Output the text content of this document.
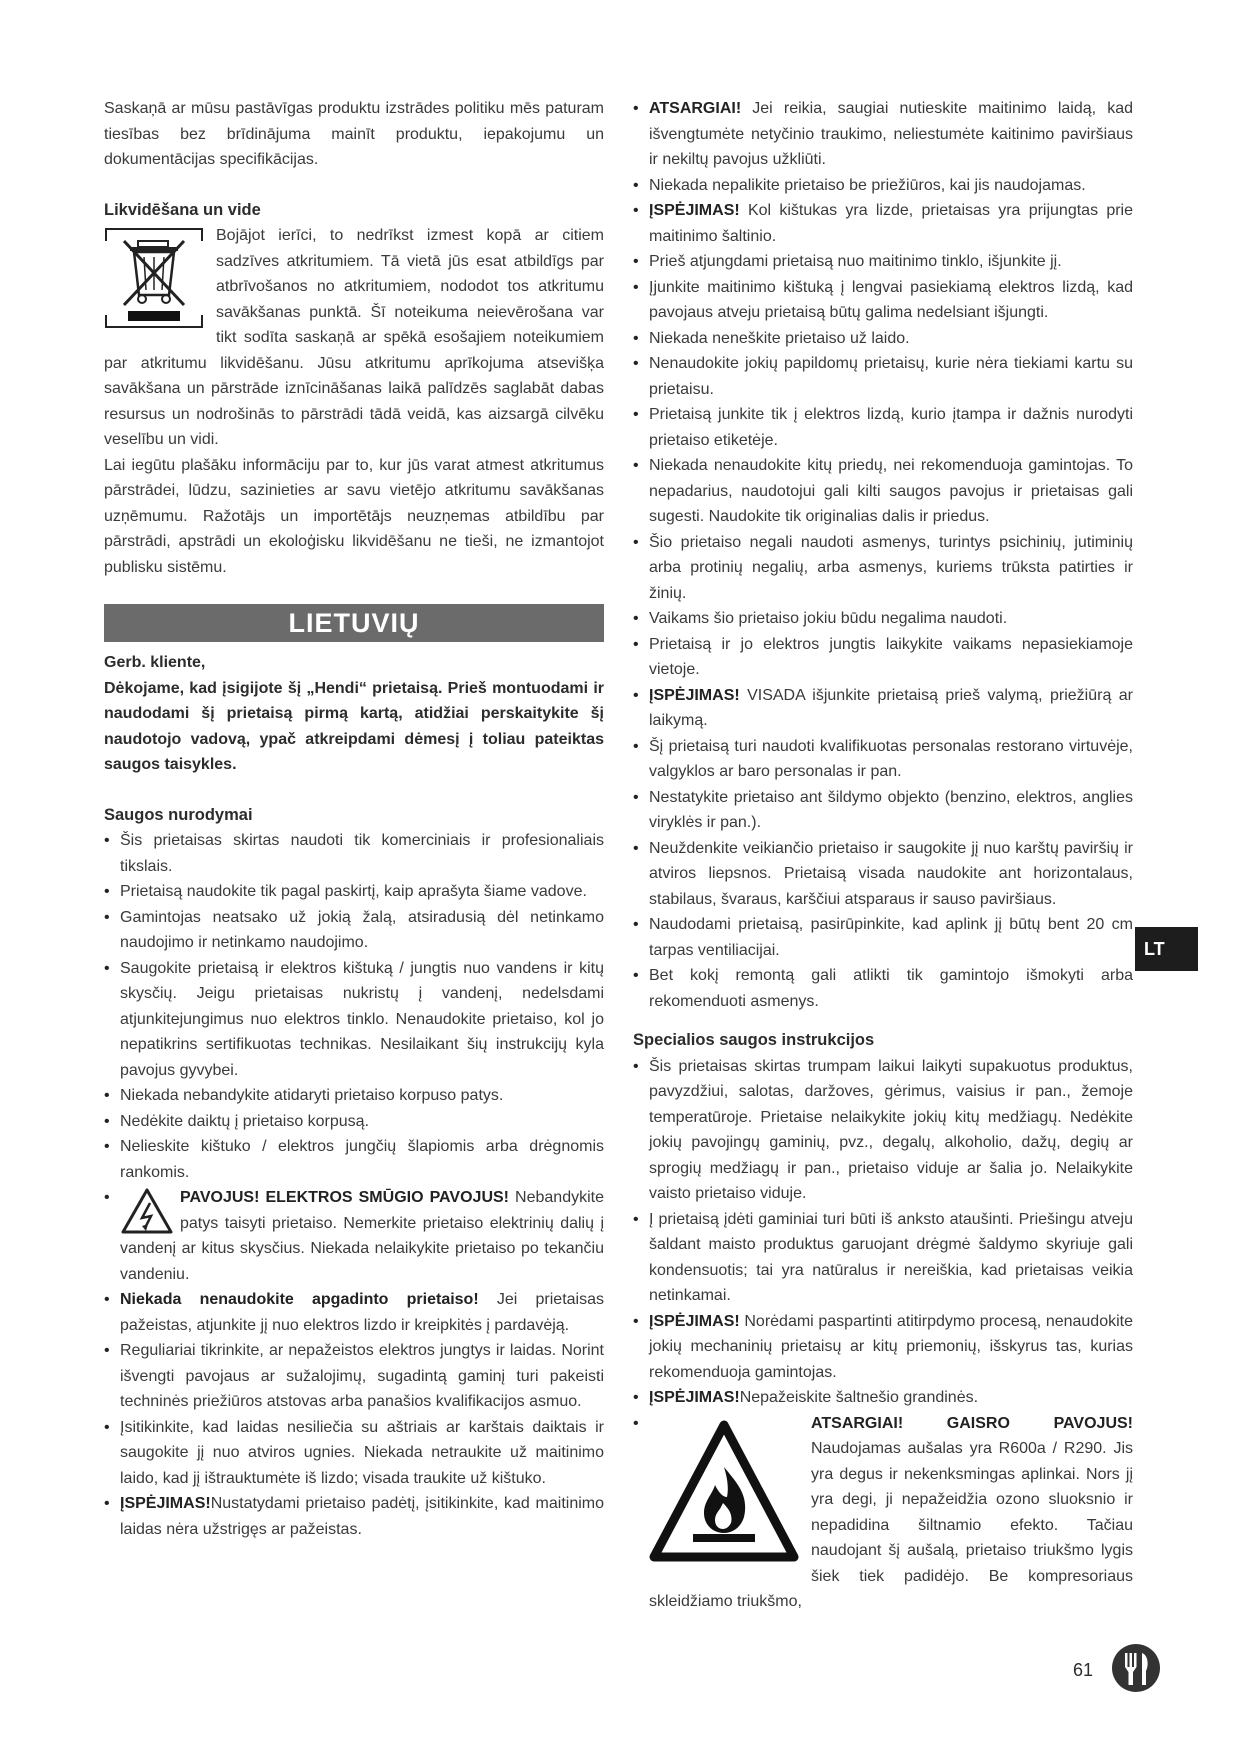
Saskaņā ar mūsu pastāvīgas produktu izstrādes politiku mēs paturam tiesības bez brīdinājuma mainīt produktu, iepakojumu un dokumentācijas specifikācijas.

Likvidēšana un vide

Bojājot ierīci, to nedrīkst izmest kopā ar citiem sadzīves atkritumiem. Tā vietā jūs esat atbildīgs par atbrīvošanos no atkritumiem, nododot tos atkritumu savākšanas punktā. Šī noteikuma neievērošana var tikt sodīta saskaņā ar spēkā esošajiem noteikumiem par atkritumu likvidēšanu. Jūsu atkritumu aprīkojuma atsevišķa savākšana un pārstrāde iznīcināšanas laikā palīdzēs saglabāt dabas resursus un nodrošinās to pārstrādi tādā veidā, kas aizsargā cilvēku veselību un vidi.

Lai iegūtu plašāku informāciju par to, kur jūs varat atmest atkritumus pārstrādei, lūdzu, sazinieties ar savu vietējo atkritumu savākšanas uzņēmumu. Ražotājs un importētājs neuzņemas atbildību par pārstrādi, apstrādi un ekoloģisku likvidēšanu ne tieši, ne izmantojot publisku sistēmu.

LIETUVIŲ

Gerb. kliente,

Dėkojame, kad įsigijote šį „Hendi“ prietaisą. Prieš montuodami ir naudodami šį prietaisą pirmą kartą, atidžiai perskaitykite šį naudotojo vadovą, ypač atkreipdami dėmesį į toliau pateiktas saugos taisykles.

Saugos nurodymai
• Šis prietaisas skirtas naudoti tik komerciniais ir profesionaliais tikslais.
• Prietaisą naudokite tik pagal paskirtį, kaip aprašyta šiame vadove.
• Gamintojas neatsako už jokią žalą, atsiradusią dėl netinkamo naudojimo ir netinkamo naudojimo.
• Saugokite prietaisą ir elektros kištuką / jungtis nuo vandens ir kitų skysčių. Jeigu prietaisas nukristų į vandenį, nedelsdami atjunkitejungimus nuo elektros tinklo. Nenaudokite prietaiso, kol jo nepatikrins sertifikuotas technikas. Nesilaikant šių instrukcijų kyla pavojus gyvybei.
• Niekada nebandykite atidaryti prietaiso korpuso patys.
• Nedėkite daiktų į prietaiso korpusą.
• Nelieskite kištuko / elektros jungčių šlapiomis arba drėgnomis rankomis.
• PAVOJUS! ELEKTROS SMŪGIO PAVOJUS! Nebandykite patys taisyti prietaiso. Nemerkite prietaiso elektrinių dalių į vandenį ar kitus skysčius. Niekada nelaikykite prietaiso po tekančiu vandeniu.
• Niekada nenaudokite apgadinto prietaiso! Jei prietaisas pažeistas, atjunkite jį nuo elektros lizdo ir kreipkitės į pardavėją.
• Reguliariai tikrinkite, ar nepažeistos elektros jungtys ir laidas. Norint išvengti pavojaus ar sužalojimų, sugadintą gaminį turi pakeisti techninės priežiūros atstovas arba panašios kvalifikacijos asmuo.
• Įsitikinkite, kad laidas nesiliečia su aštriais ar karštais daiktais ir saugokite jį nuo atviros ugnies. Niekada netraukite už maitinimo laido, kad jį ištrauktumėte iš lizdo; visada traukite už kištuko.
• ĮSPĖJIMAS!Nustatydami prietaiso padėtį, įsitikinkite, kad maitinimo laidas nėra užstrigęs ar pažeistas.
• ATSARGIAI! Jei reikia, saugiai nutieskite maitinimo laidą, kad išvengtumėte netyčinio traukimo, neliestumėte kaitinimo paviršiaus ir nekiltų pavojus užkliūti.
• Niekada nepalikite prietaiso be priežiūros, kai jis naudojamas.
• ĮSPĖJIMAS! Kol kištukas yra lizde, prietaisas yra prijungtas prie maitinimo šaltinio.
• Prieš atjungdami prietaisą nuo maitinimo tinklo, išjunkite jį.
• Įjunkite maitinimo kištuką į lengvai pasiekiamą elektros lizdą, kad pavojaus atveju prietaisą būtų galima nedelsiant išjungti.
• Niekada neneškite prietaiso už laido.
• Nenaudokite jokių papildomų prietaisų, kurie nėra tiekiami kartu su prietaisu.
• Prietaisą junkite tik į elektros lizdą, kurio įtampa ir dažnis nurodyti prietaiso etiketėje.
• Niekada nenaudokite kitų priedų, nei rekomenduoja gamintojas. To nepadarius, naudotojui gali kilti saugos pavojus ir prietaisas gali sugesti. Naudokite tik originalias dalis ir priedus.
• Šio prietaiso negali naudoti asmenys, turintys psichinių, jutiminių arba protinių negalių, arba asmenys, kuriems trūksta patirties ir žinių.
• Vaikams šio prietaiso jokiu būdu negalima naudoti.
• Prietaisą ir jo elektros jungtis laikykite vaikams nepasiekiamoje vietoje.
• ĮSPĖJIMAS! VISADA išjunkite prietaisą prieš valymą, priežiūrą ar laikymą.
• Šį prietaisą turi naudoti kvalifikuotas personalas restorano virtuvėje, valgyklos ar baro personalas ir pan.
• Nestatykite prietaiso ant šildymo objekto (benzino, elektros, anglies viryklės ir pan.).
• Neuždenkite veikiančio prietaiso ir saugokite jį nuo karštų paviršių ir atviros liepsnos. Prietaisą visada naudokite ant horizontalaus, stabilaus, švaraus, karščiui atsparaus ir sauso paviršiaus.
• Naudodami prietaisą, pasirūpinkite, kad aplink jį būtų bent 20 cm tarpas ventiliacijai.
• Bet kokį remontą gali atlikti tik gamintojo išmokyti arba rekomenduoti asmenys.
Specialios saugos instrukcijos
• Šis prietaisas skirtas trumpam laikui laikyti supakuotus produktus, pavyzdžiui, salotas, daržoves, gėrimus, vaisius ir pan., žemoje temperatūroje. Prietaise nelaikykite jokių kitų medžiagų. Nedėkite jokių pavojingų gaminių, pvz., degalų, alkoholio, dažų, degių ar sprogių medžiagų ir pan., prietaiso viduje ar šalia jo. Nelaikykite vaisto prietaiso viduje.
• Į prietaisą įdėti gaminiai turi būti iš anksto ataušinti. Priešingu atveju šaldant maisto produktus garuojant drėgmė šaldymo skyriuje gali kondensuotis; tai yra natūralus ir nereiškia, kad prietaisas veikia netinkamai.
• ĮSPĖJIMAS! Norėdami paspartinti atitirpdymo procesą, nenaudokite jokių mechaninių prietaisų ar kitų priemonių, išskyrus tas, kurias rekomenduoja gamintojas.
• ĮSPĖJIMAS!Nepažeiskite šaltnešio grandinės.
• ATSARGIAI! GAISRO PAVOJUS! Naudojamas aušalas yra R600a / R290. Jis yra degus ir nekenksmingas aplinkai. Nors jį yra degi, ji nepažeidžia ozono sluoksnio ir nepadidina šiltnamio efekto. Tačiau naudojant šį aušalą, prietaiso triukšmo lygis šiek tiek padidėjo. Be kompresoriaus skleidžiamo triukšmo,
LT
61
